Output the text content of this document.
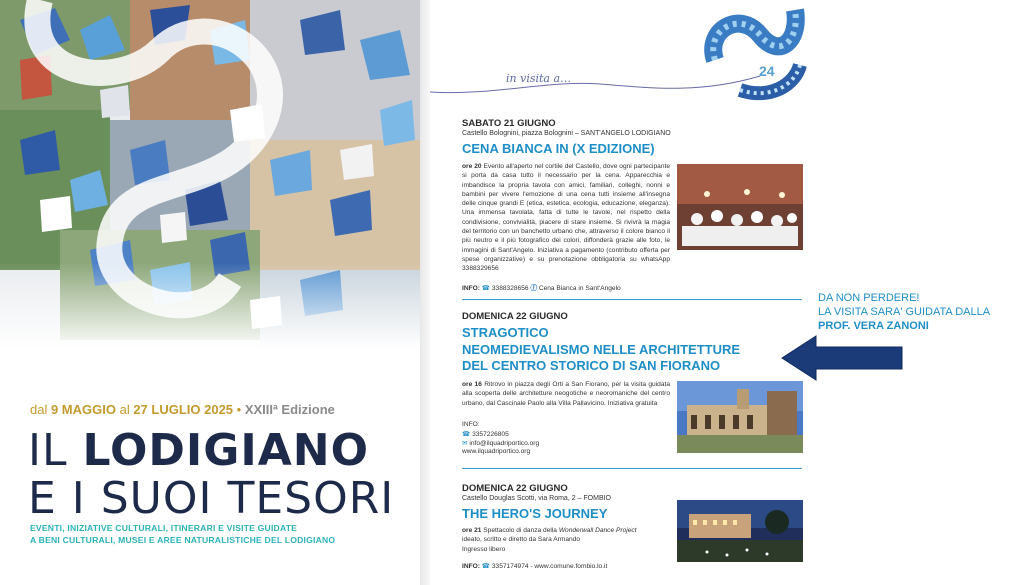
dal 9 MAGGIO al 27 LUGLIO 2025 • XXIIIª Edizione
IL LODIGIANO
E I SUOI TESORI
EVENTI, INIZIATIVE CULTURALI, ITINERARI E VISITE GUIDATE
A BENI CULTURALI, MUSEI E AREE NATURALISTICHE DEL LODIGIANO
in visita a…	24
SABATO 21 GIUGNO
Castello Bolognini, piazza Bolognini – SANT'ANGELO LODIGIANO
CENA BIANCA IN (X EDIZIONE)
ore 20 Evento all'aperto nel cortile del Castello, dove ogni partecipante si porta da casa tutto il necessario per la cena. Apparecchia e imbandisce la propria tavola con amici, familiari, colleghi, nonni e bambini per vivere l'emozione di una cena tutti insieme all'insegna delle cinque grandi E (etica, estetica, ecologia, educazione, eleganza). Una immensa tavolata, fatta di tutte le tavole, nel rispetto della condivisione, convivialità, piacere di stare insieme. Si rivivrà la magia del territorio con un banchetto urbano che, attraverso il colore bianco il più neutro e il più fotografico dei colori, diffonderà grazie alle foto, le immagini di Sant'Angelo. Iniziativa a pagamento (contributo offerta per spese organizzative) e su prenotazione obbligatoria su whatsApp 3388329656
INFO: ☎ 3388328656 ⓕ Cena Bianca in Sant'Angelo
DOMENICA 22 GIUGNO
STRAGOTICO
NEOMEDIEVALISMO NELLE ARCHITETTURE
DEL CENTRO STORICO DI SAN FIORANO
ore 16 Ritrovo in piazza degli Orti a San Fiorano, per la visita guidata alla scoperta delle architetture neogotiche e neoromaniche del centro urbano, dal Cascinale Paolo alla Villa Pallavicino. Iniziativa gratuita
INFO:
☎ 3357226805
✉ info@ilquadriportico.org
www.ilquadriportico.org
DOMENICA 22 GIUGNO
Castello Douglas Scotti, via Roma, 2 – FOMBIO
THE HERO'S JOURNEY
ore 21 Spettacolo di danza della Wonderwall Dance Project
ideato, scritto e diretto da Sara Armando
Ingresso libero
INFO: ☎ 3357174974 - www.comune.fombio.lo.it
DA NON PERDERE!
LA VISITA SARA' GUIDATA DALLA
PROF. VERA ZANONI
